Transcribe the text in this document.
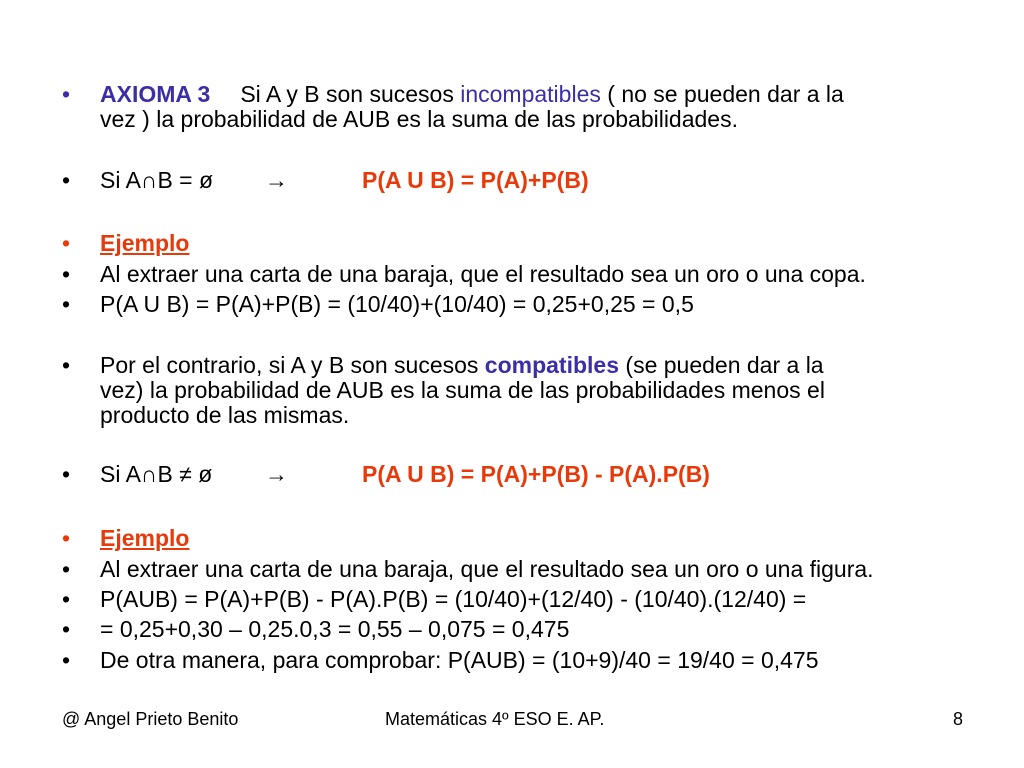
•	AXIOMA 3 Si A y B son sucesos incompatibles ( no se pueden dar a la
vez ) la probabilidad de AUB es la suma de las probabilidades.
•	Si A∩B = ø →	P(A U B) = P(A)+P(B)
•	Ejemplo
•	Al extraer una carta de una baraja, que el resultado sea un oro o una copa.
•	P(A U B) = P(A)+P(B) = (10/40)+(10/40) = 0,25+0,25 = 0,5
•	Por el contrario, si A y B son sucesos compatibles (se pueden dar a la
vez) la probabilidad de AUB es la suma de las probabilidades menos el
producto de las mismas.
•	Si A∩B ≠ ø →	P(A U B) = P(A)+P(B) - P(A).P(B)
•	Ejemplo
•	Al extraer una carta de una baraja, que el resultado sea un oro o una figura.
•	P(AUB) = P(A)+P(B) - P(A).P(B) = (10/40)+(12/40) - (10/40).(12/40) =
•	= 0,25+0,30 – 0,25.0,3 = 0,55 – 0,075 = 0,475
•	De otra manera, para comprobar: P(AUB) = (10+9)/40 = 19/40 = 0,475
@ Angel Prieto Benito	Matemáticas 4º ESO E. AP.	8
